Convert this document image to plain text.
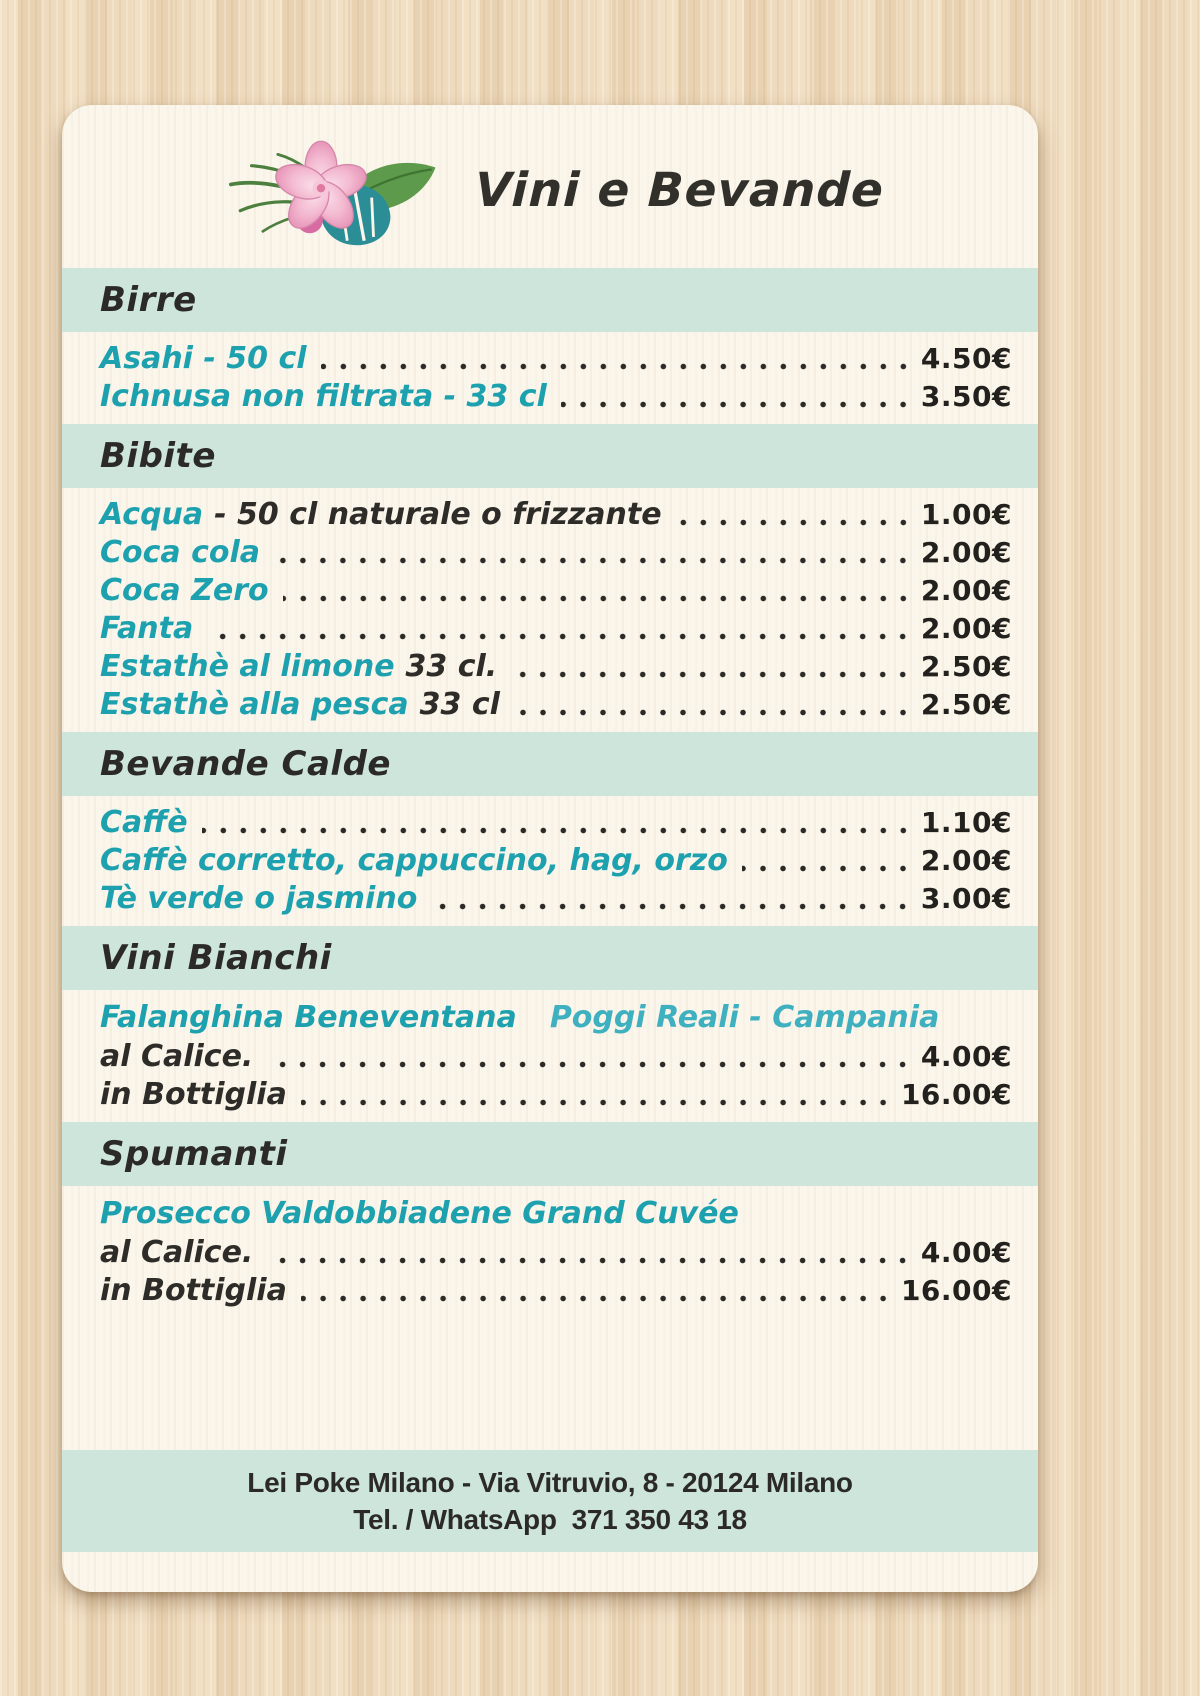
Vini e Bevande
Birre
Asahi - 50 cl	4.50€
Ichnusa non filtrata - 33 cl	3.50€
Bibite
Acqua - 50 cl naturale o frizzante	1.00€
Coca cola	2.00€
Coca Zero	2.00€
Fanta	2.00€
Estathè al limone 33 cl.	2.50€
Estathè alla pesca 33 cl	2.50€
Bevande Calde
Caffè	1.10€
Caffè corretto, cappuccino, hag, orzo	2.00€
Tè verde o jasmino	3.00€
Vini Bianchi
Falanghina Beneventana Poggi Reali - Campania
al Calice.	4.00€
in Bottiglia	16.00€
Spumanti
Prosecco Valdobbiadene Grand Cuvée
al Calice.	4.00€
in Bottiglia	16.00€
Lei Poke Milano - Via Vitruvio, 8 - 20124 Milano
Tel. / WhatsApp  371 350 43 18
